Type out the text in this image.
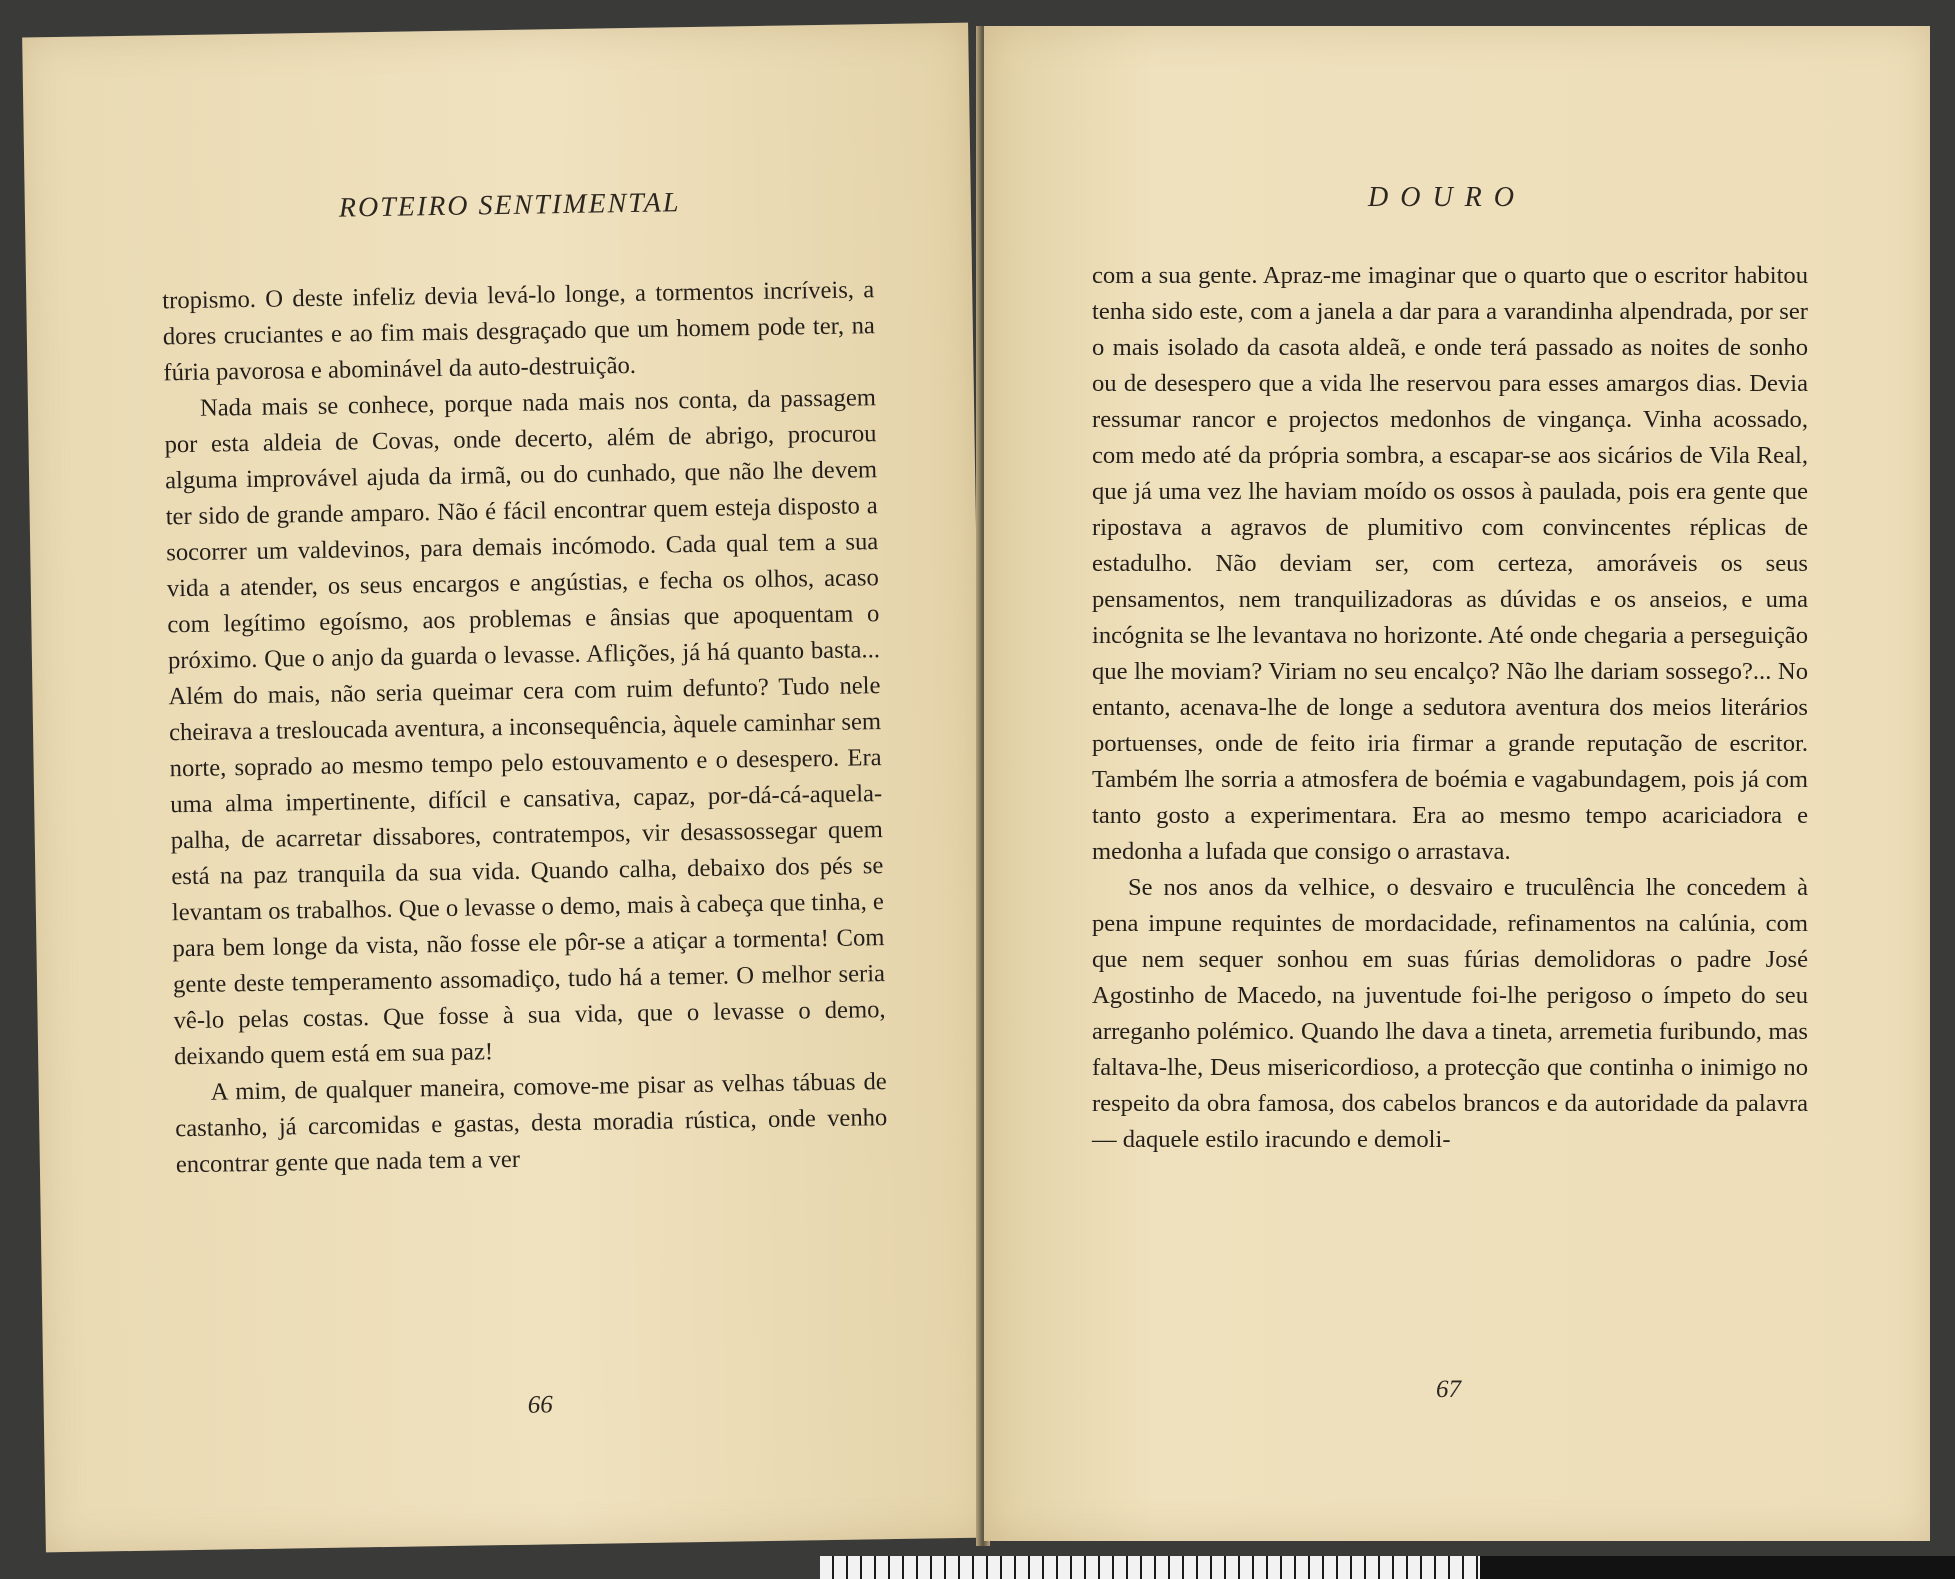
ROTEIRO SENTIMENTAL

tropismo. O deste infeliz devia levá-lo longe, a tormentos incríveis, a dores cruciantes e ao fim mais desgraçado que um homem pode ter, na fúria pavorosa e abominável da auto-destruição.

Nada mais se conhece, porque nada mais nos conta, da passagem por esta aldeia de Covas, onde decerto, além de abrigo, procurou alguma improvável ajuda da irmã, ou do cunhado, que não lhe devem ter sido de grande amparo. Não é fácil encontrar quem esteja disposto a socorrer um valdevinos, para demais incómodo. Cada qual tem a sua vida a atender, os seus encargos e angústias, e fecha os olhos, acaso com legítimo egoísmo, aos problemas e ânsias que apoquentam o próximo. Que o anjo da guarda o levasse. Aflições, já há quanto basta... Além do mais, não seria queimar cera com ruim defunto? Tudo nele cheirava a tresloucada aventura, a inconsequência, àquele caminhar sem norte, soprado ao mesmo tempo pelo estouvamento e o desespero. Era uma alma impertinente, difícil e cansativa, capaz, por-dá-cá-aquela-palha, de acarretar dissabores, contratempos, vir desassossegar quem está na paz tranquila da sua vida. Quando calha, debaixo dos pés se levantam os trabalhos. Que o levasse o demo, mais à cabeça que tinha, e para bem longe da vista, não fosse ele pôr-se a atiçar a tormenta! Com gente deste temperamento assomadiço, tudo há a temer. O melhor seria vê-lo pelas costas. Que fosse à sua vida, que o levasse o demo, deixando quem está em sua paz!

A mim, de qualquer maneira, comove-me pisar as velhas tábuas de castanho, já carcomidas e gastas, desta moradia rústica, onde venho encontrar gente que nada tem a ver

66
DOURO

com a sua gente. Apraz-me imaginar que o quarto que o escritor habitou tenha sido este, com a janela a dar para a varandinha alpendrada, por ser o mais isolado da casota aldeã, e onde terá passado as noites de sonho ou de desespero que a vida lhe reservou para esses amargos dias. Devia ressumar rancor e projectos medonhos de vingança. Vinha acossado, com medo até da própria sombra, a escapar-se aos sicários de Vila Real, que já uma vez lhe haviam moído os ossos à paulada, pois era gente que ripostava a agravos de plumitivo com convincentes réplicas de estadulho. Não deviam ser, com certeza, amoráveis os seus pensamentos, nem tranquilizadoras as dúvidas e os anseios, e uma incógnita se lhe levantava no horizonte. Até onde chegaria a perseguição que lhe moviam? Viriam no seu encalço? Não lhe dariam sossego?... No entanto, acenava-lhe de longe a sedutora aventura dos meios literários portuenses, onde de feito iria firmar a grande reputação de escritor. Também lhe sorria a atmosfera de boémia e vagabundagem, pois já com tanto gosto a experimentara. Era ao mesmo tempo acariciadora e medonha a lufada que consigo o arrastava.

Se nos anos da velhice, o desvairo e truculência lhe concedem à pena impune requintes de mordacidade, refinamentos na calúnia, com que nem sequer sonhou em suas fúrias demolidoras o padre José Agostinho de Macedo, na juventude foi-lhe perigoso o ímpeto do seu arreganho polémico. Quando lhe dava a tineta, arremetia furibundo, mas faltava-lhe, Deus misericordioso, a protecção que continha o inimigo no respeito da obra famosa, dos cabelos brancos e da autoridade da palavra — daquele estilo iracundo e demoli-

67
